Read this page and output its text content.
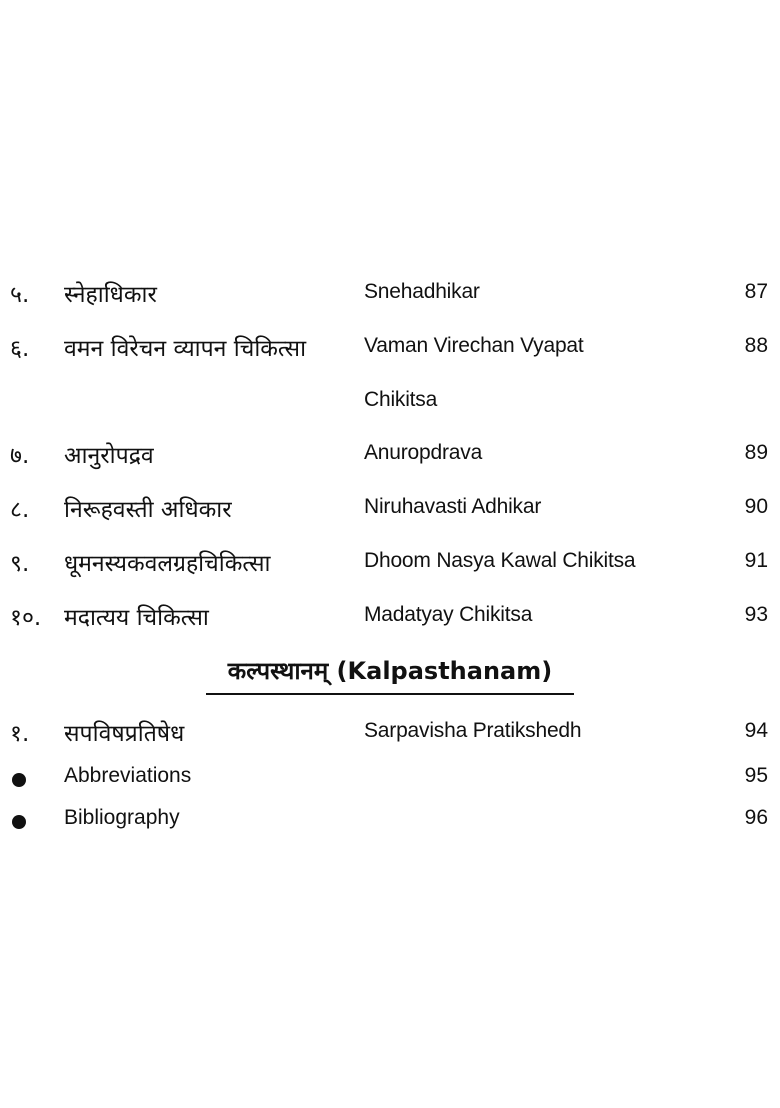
५. स्नेहाधिकार	Snehadhikar	87
६. वमन विरेचन व्यापन चिकित्सा	Vaman Virechan Vyapat	88
Chikitsa
७. आनुरोपद्रव	Anuropdrava	89
८. निरूहवस्ती अधिकार	Niruhavasti Adhikar	90
९. धूमनस्यकवलग्रहचिकित्सा	Dhoom Nasya Kawal Chikitsa	91
१०. मदात्यय चिकित्सा	Madatyay Chikitsa	93
कल्पस्थानम् (Kalpasthanam)
१. सपविषप्रतिषेध	Sarpavisha Pratikshedh	94
Abbreviations	95
Bibliography	96
